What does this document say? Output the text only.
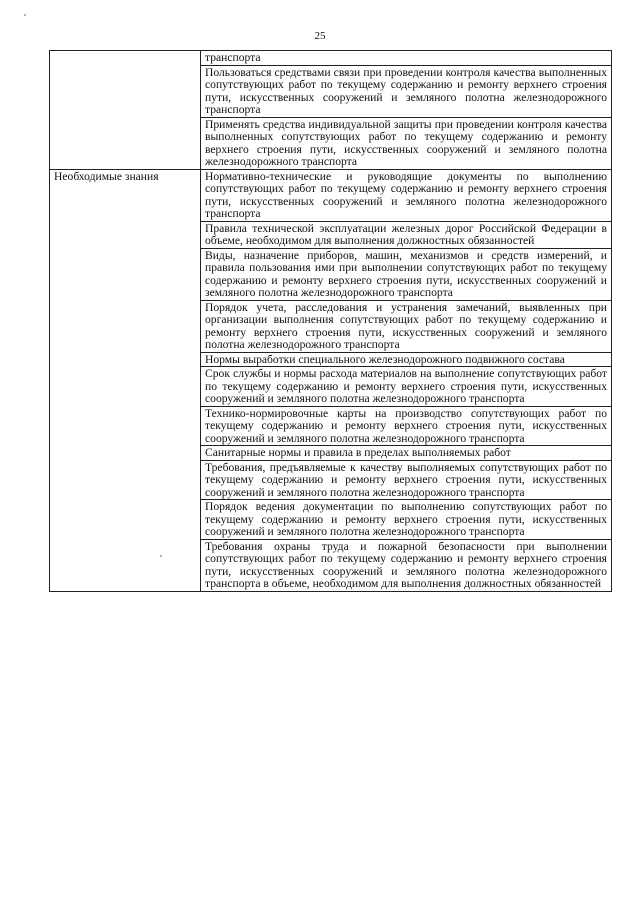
25
	транспорта
	Пользоваться средствами связи при проведении контроля качества выполненных сопутствующих работ по текущему содержанию и ремонту верхнего строения пути, искусственных сооружений и земляного полотна железнодорожного транспорта
	Применять средства индивидуальной защиты при проведении контроля качества выполненных сопутствующих работ по текущему содержанию и ремонту верхнего строения пути, искусственных сооружений и земляного полотна железнодорожного транспорта
Необходимые знания	Нормативно-технические и руководящие документы по выполнению сопутствующих работ по текущему содержанию и ремонту верхнего строения пути, искусственных сооружений и земляного полотна железнодорожного транспорта
	Правила технической эксплуатации железных дорог Российской Федерации в объеме, необходимом для выполнения должностных обязанностей
	Виды, назначение приборов, машин, механизмов и средств измерений, и правила пользования ими при выполнении сопутствующих работ по текущему содержанию и ремонту верхнего строения пути, искусственных сооружений и земляного полотна железнодорожного транспорта
	Порядок учета, расследования и устранения замечаний, выявленных при организации выполнения сопутствующих работ по текущему содержанию и ремонту верхнего строения пути, искусственных сооружений и земляного полотна железнодорожного транспорта
	Нормы выработки специального железнодорожного подвижного состава
	Срок службы и нормы расхода материалов на выполнение сопутствующих работ по текущему содержанию и ремонту верхнего строения пути, искусственных сооружений и земляного полотна железнодорожного транспорта
	Технико-нормировочные карты на производство сопутствующих работ по текущему содержанию и ремонту верхнего строения пути, искусственных сооружений и земляного полотна железнодорожного транспорта
	Санитарные нормы и правила в пределах выполняемых работ
	Требования, предъявляемые к качеству выполняемых сопутствующих работ по текущему содержанию и ремонту верхнего строения пути, искусственных сооружений и земляного полотна железнодорожного транспорта
	Порядок ведения документации по выполнению сопутствующих работ по текущему содержанию и ремонту верхнего строения пути, искусственных сооружений и земляного полотна железнодорожного транспорта
	Требования охраны труда и пожарной безопасности при выполнении сопутствующих работ по текущему содержанию и ремонту верхнего строения пути, искусственных сооружений и земляного полотна железнодорожного транспорта в объеме, необходимом для выполнения должностных обязанностей
